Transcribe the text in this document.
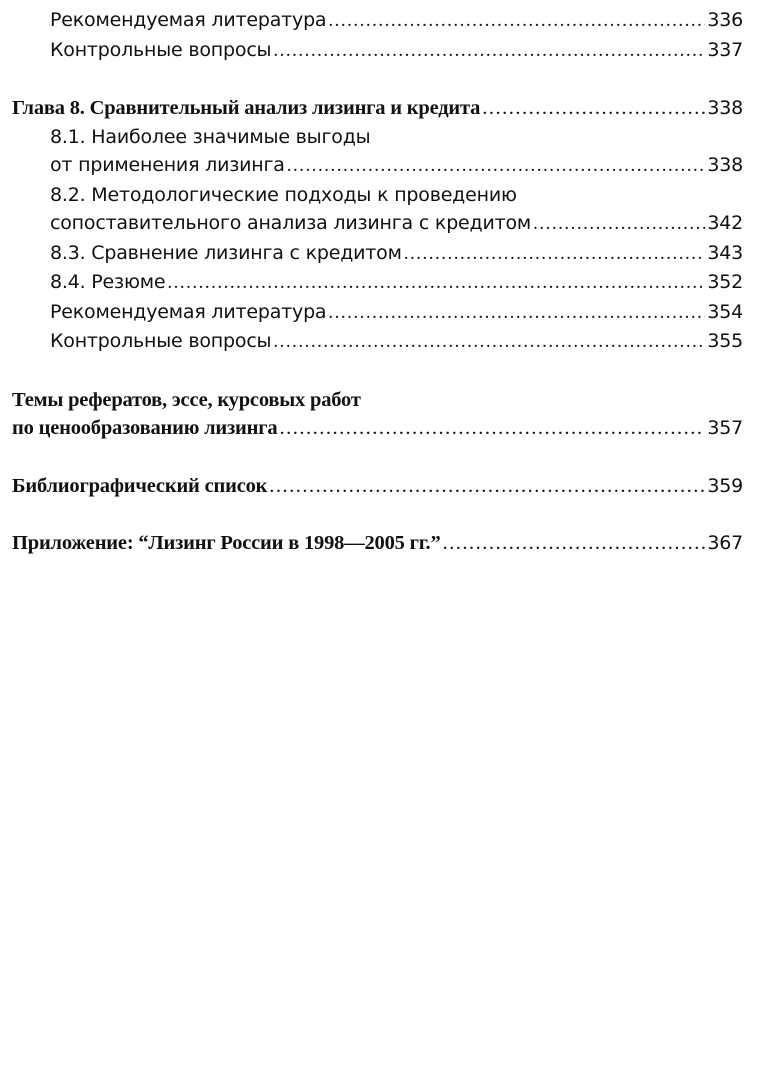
Рекомендуемая литература .....	336
Контрольные вопросы .....	337
Глава 8. Сравнительный анализ лизинга и кредита .....	338
8.1. Наиболее значимые выгоды
от применения лизинга .....	338
8.2. Методологические подходы к проведению
сопоставительного анализа лизинга с кредитом .....	342
8.3. Сравнение лизинга с кредитом .....	343
8.4. Резюме .....	352
Рекомендуемая литература .....	354
Контрольные вопросы .....	355
Темы рефератов, эссе, курсовых работ
по ценообразованию лизинга .....	357
Библиографический список .....	359
Приложение: “Лизинг России в 1998—2005 гг.” .....	367
